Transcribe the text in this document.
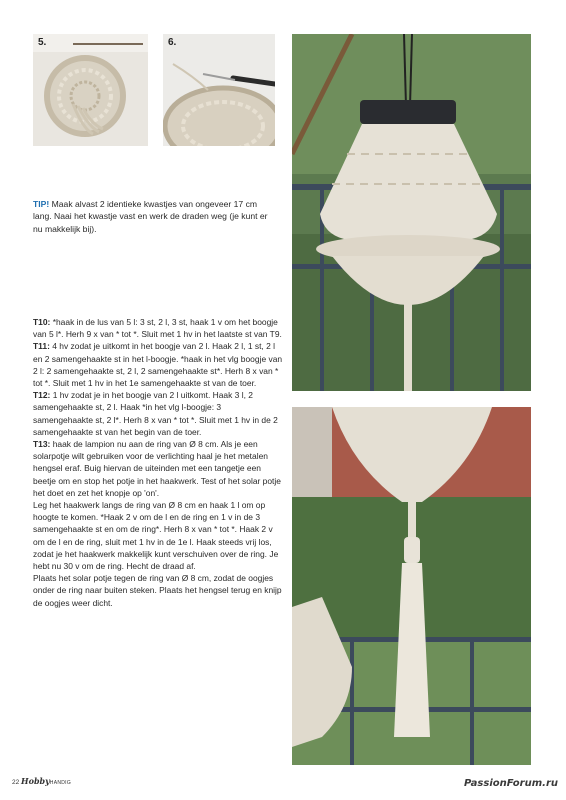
5.	6.
TIP! Maak alvast 2 identieke kwastjes van ongeveer 17 cm lang. Naai het kwastje vast en werk de draden weg (je kunt er nu makkelijk bij).

T10: *haak in de lus van 5 l: 3 st, 2 l, 3 st, haak 1 v om het boogje van 5 l*. Herh 9 x van * tot *. Sluit met 1 hv in het laatste st van T9.

T11: 4 hv zodat je uitkomt in het boogje van 2 l. Haak 2 l, 1 st, 2 l en 2 samengehaakte st in het l-boogje. *haak in het vlg boogje van 2 l: 2 samengehaakte st, 2 l, 2 samengehaakte st*. Herh 8 x van * tot *. Sluit met 1 hv in het 1e samengehaakte st van de toer.

T12: 1 hv zodat je in het boogje van 2 l uitkomt. Haak 3 l, 2 samengehaakte st, 2 l. Haak *in het vlg l-boogje: 3 samengehaakte st, 2 l*. Herh 8 x van * tot *. Sluit met 1 hv in de 2 samengehaakte st van het begin van de toer.

T13: haak de lampion nu aan de ring van Ø 8 cm. Als je een solarpotje wilt gebruiken voor de verlichting haal je het metalen hengsel eraf. Buig hiervan de uiteinden met een tangetje een beetje om en stop het potje in het haakwerk. Test of het solar potje het doet en zet het knopje op 'on'.

Leg het haakwerk langs de ring van Ø 8 cm en haak 1 l om op hoogte te komen. *Haak 2 v om de l en de ring en 1 v in de 3 samengehaakte st en om de ring*. Herh 8 x van * tot *. Haak 2 v om de l en de ring, sluit met 1 hv in de 1e l. Haak steeds vrij los, zodat je het haakwerk makkelijk kunt verschuiven over de ring. Je hebt nu 30 v om de ring. Hecht de draad af.

Plaats het solar potje tegen de ring van Ø 8 cm, zodat de oogjes onder de ring naar buiten steken. Plaats het hengsel terug en knijp de oogjes weer dicht.

22 HobbyHANDIG	PassionForum.ru
